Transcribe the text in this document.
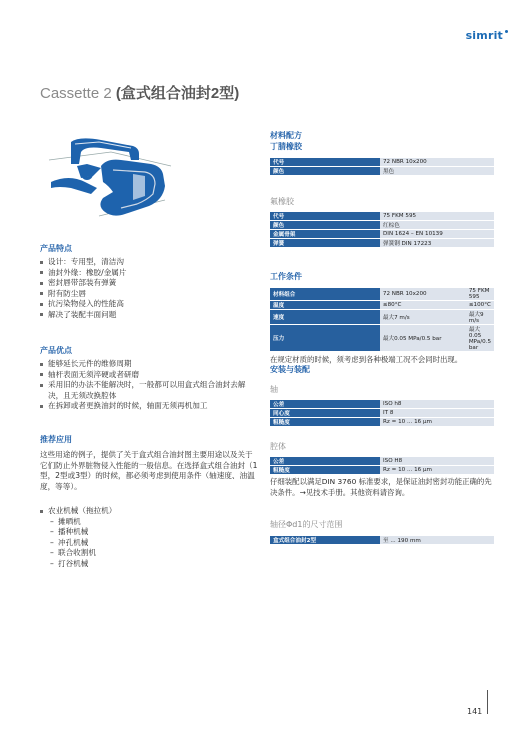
simrit
Cassette 2 (盒式组合油封2型)
产品特点
设计：专用型，清洁沟
油封外缘：橡胶/金属片
密封唇带部装有弹簧
附有防尘唇
抗污染物侵入的性能高
解决了装配丰面问题
产品优点
能够延长元件的维修周期
轴杆表面无须淬硬或者研磨
采用旧的办法不能解决时，一般都可以用盒式组合油封去解决，且无须改换腔体
在拆卸或者更换油封的时候，轴面无须再机加工
推荐应用
这些用途的例子，提供了关于盒式组合油封图主要用途以及关于它们防止外界脏物侵入性能的一般信息。在选择盒式组合油封（1型，2型或3型）的时候，都必须考虑到使用条件（轴速度、油温度，等等）。
农业机械（拖拉机）
– 摊晒机
– 播种机械
– 冲孔机械
– 联合收割机
– 打谷机械
材料配方
丁腈橡胶
代号	72 NBR 10x200
颜色	黑色
氟橡胶
代号	75 FKM 595
颜色	红棕色
金属骨架	DIN 1624 – EN 10139
弹簧	弹簧钢 DIN 17223
工作条件
材料组合	72 NBR 10x200	75 FKM 595
温度	≤80°C	≤100°C
速度	最大7 m/s	最大9 m/s
压力	最大0.05 MPa/0.5 bar	最大0.05 MPa/0.5 bar
在规定材质的时候，须考虑到各种极端工况不会同时出现。
安装与装配
轴
公差	ISO h8
同心度	IT 8
粗糙度	Rz = 10 ... 16 μm
腔体
公差	ISO H8
粗糙度	Rz = 10 ... 16 μm
仔细装配以满足DIN 3760 标准要求，是保证油封密封功能正确的先决条件。→见技术手册。其他资料请咨询。
轴径Φd1的尺寸范围
盒式组合油封2型	至 ... 190 mm
141
